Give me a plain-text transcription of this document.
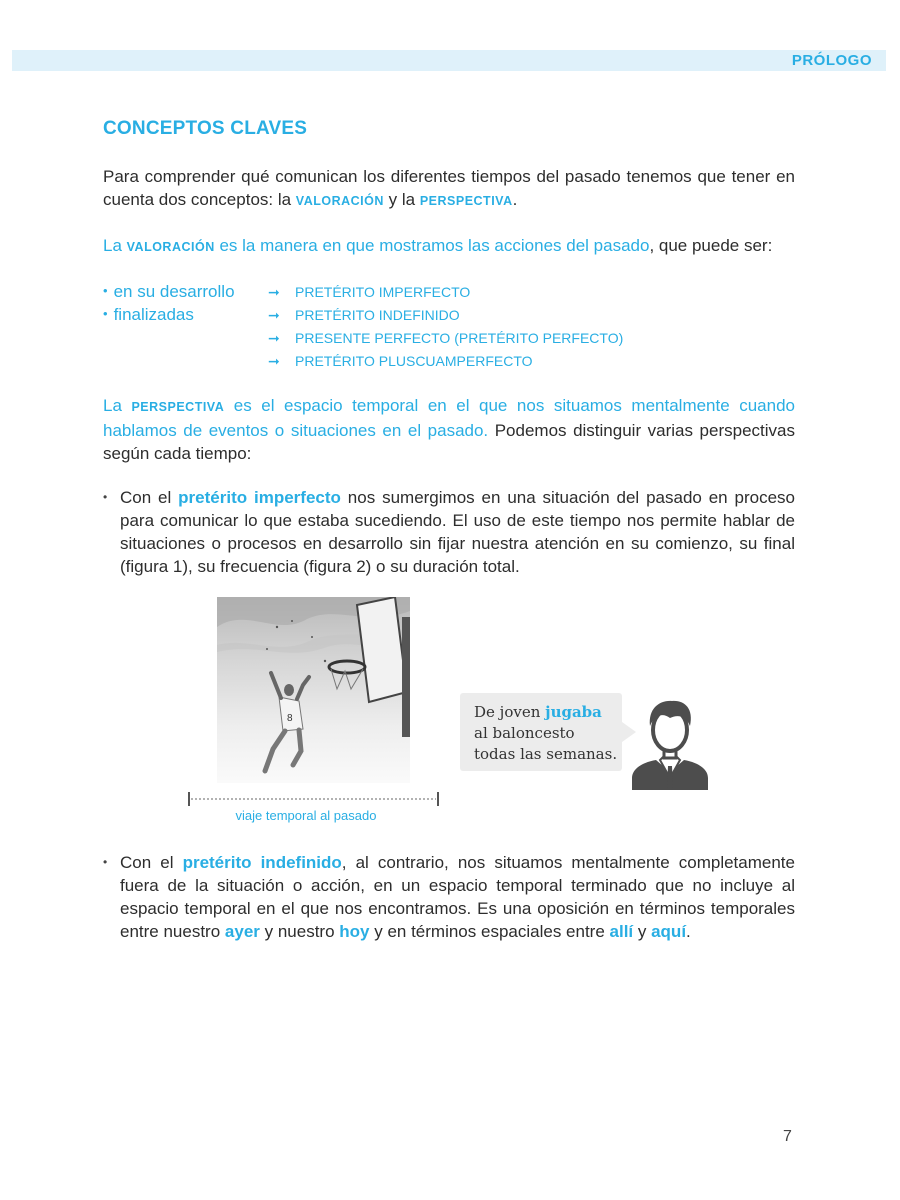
PRÓLOGO
CONCEPTOS CLAVES

Para comprender qué comunican los diferentes tiempos del pasado tenemos que tener en cuenta dos conceptos: la VALORACIÓN y la PERSPECTIVA.

La VALORACIÓN es la manera en que mostramos las acciones del pasado, que puede ser:

• en su desarrollo
• finalizadas
➞ PRETÉRITO IMPERFECTO
➞ PRETÉRITO INDEFINIDO
➞ PRESENTE PERFECTO (PRETÉRITO PERFECTO)
➞ PRETÉRITO PLUSCUAMPERFECTO

La PERSPECTIVA es el espacio temporal en el que nos situamos mentalmente cuando hablamos de eventos o situaciones en el pasado. Podemos distinguir varias perspectivas según cada tiempo:

• Con el pretérito imperfecto nos sumergimos en una situación del pasado en proceso para comunicar lo que estaba sucediendo. El uso de este tiempo nos permite hablar de situaciones o procesos en desarrollo sin fijar nuestra atención en su comienzo, su final (figura 1), su frecuencia (figura 2) o su duración total.
8	De joven jugaba al baloncesto todas las semanas.
viaje temporal al pasado
• Con el pretérito indefinido, al contrario, nos situamos mentalmente completamente fuera de la situación o acción, en un espacio temporal terminado que no incluye al espacio temporal en el que nos encontramos. Es una oposición en términos temporales entre nuestro ayer y nuestro hoy y en términos espaciales entre allí y aquí.
7
